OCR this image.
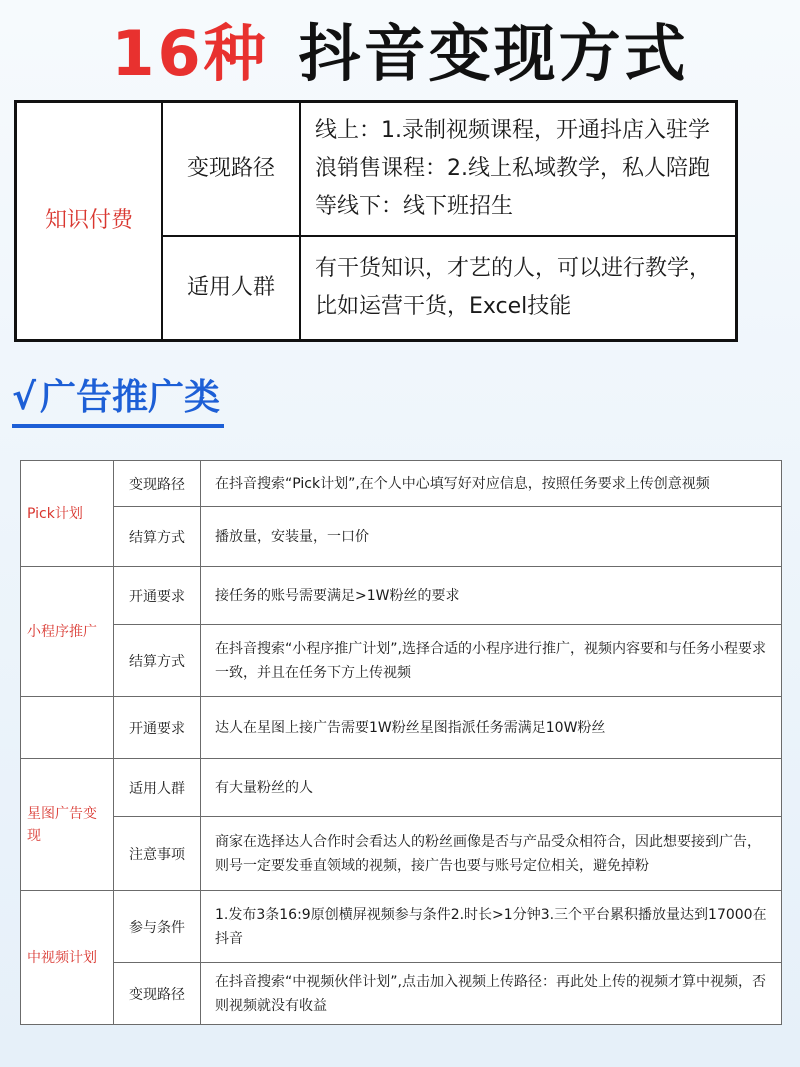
16种 抖音变现方式
知识付费	变现路径	线上：1.录制视频课程，开通抖店入驻学浪销售课程：2.线上私域教学，私人陪跑等线下：线下班招生
	适用人群	有干货知识，才艺的人，可以进行教学，比如运营干货，Excel技能
√ 广告推广类
Pick计划	变现路径	在抖音搜索“Pick计划”,在个人中心填写好对应信息，按照任务要求上传创意视频
	结算方式	播放量，安装量，一口价
小程序推广	开通要求	接任务的账号需要满足>1W粉丝的要求
	结算方式	在抖音搜索“小程序推广计划”,选择合适的小程序进行推广，视频内容要和与任务小程要求一致，并且在任务下方上传视频
	开通要求	达人在星图上接广告需要1W粉丝星图指派任务需满足10W粉丝
星图广告变现	适用人群	有大量粉丝的人
	注意事项	商家在选择达人合作时会看达人的粉丝画像是否与产品受众相符合，因此想要接到广告，则号一定要发垂直领域的视频，接广告也要与账号定位相关，避免掉粉
中视频计划	参与条件	1.发布3条16:9原创横屏视频参与条件2.时长>1分钟3.三个平台累积播放量达到17000在抖音
	变现路径	在抖音搜索“中视频伙伴计划”,点击加入视频上传路径：再此处上传的视频才算中视频，否则视频就没有收益
